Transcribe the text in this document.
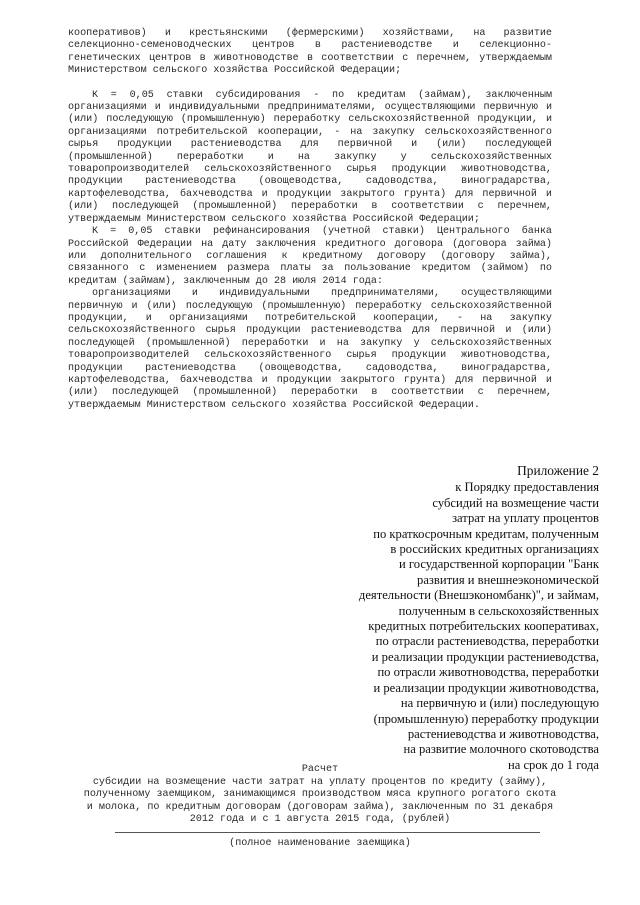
кооперативов) и крестьянскими (фермерскими) хозяйствами, на развитие селекционно-семеноводческих центров в растениеводстве и селекционно-генетических центров в животноводстве в соответствии с перечнем, утверждаемым Министерством сельского хозяйства Российской Федерации;

K = 0,05 ставки субсидирования - по кредитам (займам), заключенным организациями и индивидуальными предпринимателями, осуществляющими первичную и (или) последующую (промышленную) переработку сельскохозяйственной продукции, и организациями потребительской кооперации, - на закупку сельскохозяйственного сырья продукции растениеводства для первичной и (или) последующей (промышленной) переработки и на закупку у сельскохозяйственных товаропроизводителей сельскохозяйственного сырья продукции животноводства, продукции растениеводства (овощеводства, садоводства, виноградарства, картофелеводства, бахчеводства и продукции закрытого грунта) для первичной и (или) последующей (промышленной) переработки в соответствии с перечнем, утверждаемым Министерством сельского хозяйства Российской Федерации;

K = 0,05 ставки рефинансирования (учетной ставки) Центрального банка Российской Федерации на дату заключения кредитного договора (договора займа) или дополнительного соглашения к кредитному договору (договору займа), связанного с изменением размера платы за пользование кредитом (займом) по кредитам (займам), заключенным до 28 июля 2014 года:

организациями и индивидуальными предпринимателями, осуществляющими первичную и (или) последующую (промышленную) переработку сельскохозяйственной продукции, и организациями потребительской кооперации, - на закупку сельскохозяйственного сырья продукции растениеводства для первичной и (или) последующей (промышленной) переработки и на закупку у сельскохозяйственных товаропроизводителей сельскохозяйственного сырья продукции животноводства, продукции растениеводства (овощеводства, садоводства, виноградарства, картофелеводства, бахчеводства и продукции закрытого грунта) для первичной и (или) последующей (промышленной) переработки в соответствии с перечнем, утверждаемым Министерством сельского хозяйства Российской Федерации.

Приложение 2
к Порядку предоставления
субсидий на возмещение части
затрат на уплату процентов
по краткосрочным кредитам, полученным
в российских кредитных организациях
и государственной корпорации "Банк
развития и внешнеэкономической
деятельности (Внешэкономбанк)", и займам,
полученным в сельскохозяйственных
кредитных потребительских кооперативах,
по отрасли растениеводства, переработки
и реализации продукции растениеводства,
по отрасли животноводства, переработки
и реализации продукции животноводства,
на первичную и (или) последующую
(промышленную) переработку продукции
растениеводства и животноводства,
на развитие молочного скотоводства
на срок до 1 года
Расчет
субсидии на возмещение части затрат на уплату процентов по кредиту (займу), полученному заемщиком, занимающимся производством мяса крупного рогатого скота и молока, по кредитным договорам (договорам займа), заключенным по 31 декабря 2012 года и с 1 августа 2015 года, (рублей)
(полное наименование заемщика)
